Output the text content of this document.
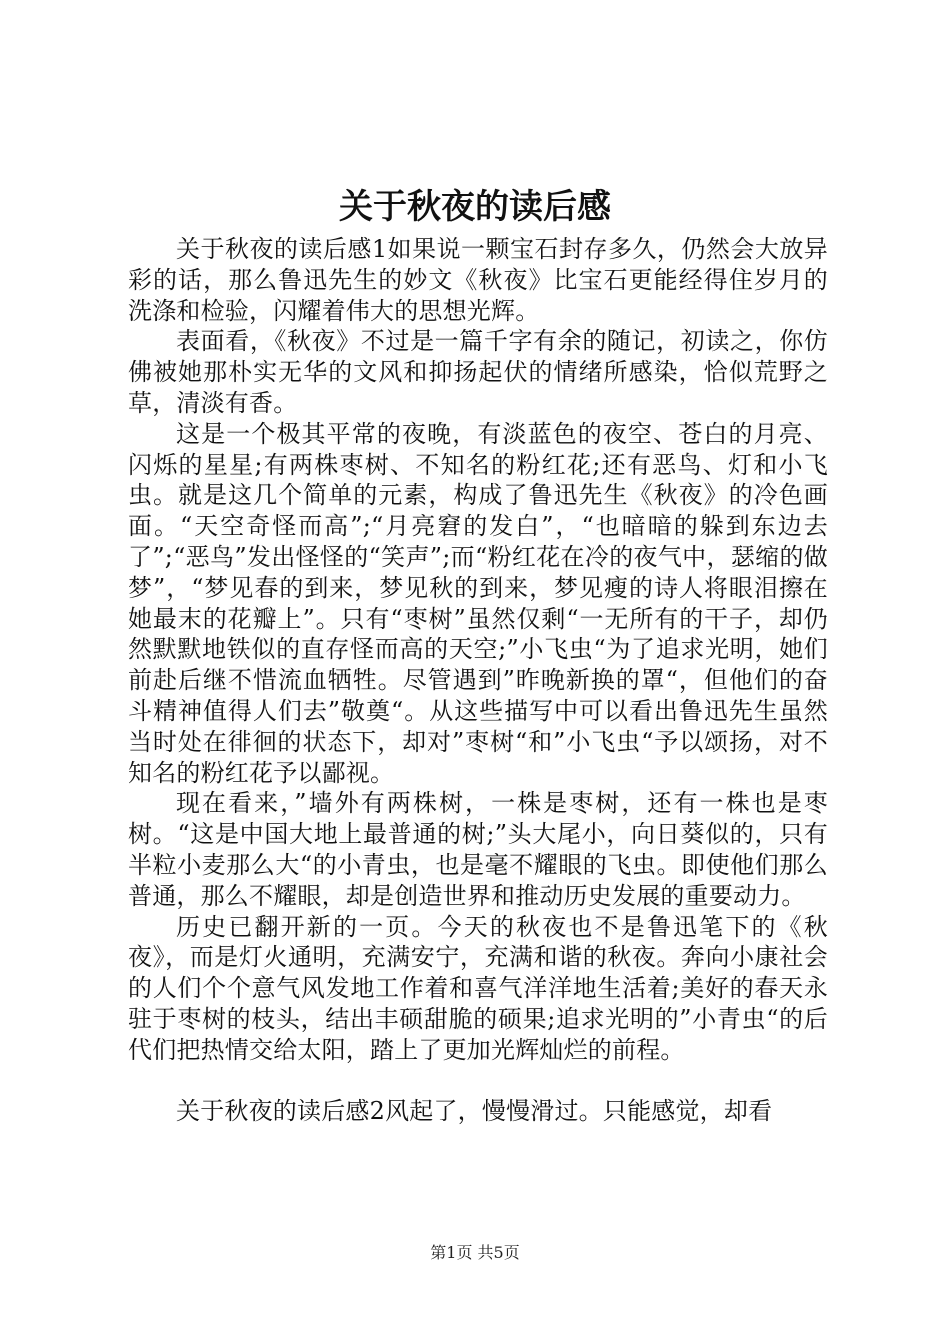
关于秋夜的读后感

关于秋夜的读后感1如果说一颗宝石封存多久，仍然会大放异彩的话，那么鲁迅先生的妙文《秋夜》比宝石更能经得住岁月的洗涤和检验，闪耀着伟大的思想光辉。

表面看，《秋夜》不过是一篇千字有余的随记，初读之，你仿佛被她那朴实无华的文风和抑扬起伏的情绪所感染，恰似荒野之草，清淡有香。

这是一个极其平常的夜晚，有淡蓝色的夜空、苍白的月亮、闪烁的星星;有两株枣树、不知名的粉红花;还有恶鸟、灯和小飞虫。就是这几个简单的元素，构成了鲁迅先生《秋夜》的冷色画面。“天空奇怪而高”;“月亮窘的发白”，“也暗暗的躲到东边去了”;“恶鸟”发出怪怪的“笑声”;而“粉红花在冷的夜气中，瑟缩的做梦”，“梦见春的到来，梦见秋的到来，梦见瘦的诗人将眼泪擦在她最末的花瓣上”。只有“枣树”虽然仅剩“一无所有的干子，却仍然默默地铁似的直存怪而高的天空;”小飞虫“为了追求光明，她们前赴后继不惜流血牺牲。尽管遇到”昨晚新换的罩“，但他们的奋斗精神值得人们去”敬奠“。从这些描写中可以看出鲁迅先生虽然当时处在徘徊的状态下，却对”枣树“和”小飞虫“予以颂扬，对不知名的粉红花予以鄙视。

现在看来，”墙外有两株树，一株是枣树，还有一株也是枣树。“这是中国大地上最普通的树;”头大尾小，向日葵似的，只有半粒小麦那么大“的小青虫，也是毫不耀眼的飞虫。即使他们那么普通，那么不耀眼，却是创造世界和推动历史发展的重要动力。

历史已翻开新的一页。今天的秋夜也不是鲁迅笔下的《秋夜》，而是灯火通明，充满安宁，充满和谐的秋夜。奔向小康社会的人们个个意气风发地工作着和喜气洋洋地生活着;美好的春天永驻于枣树的枝头，结出丰硕甜脆的硕果;追求光明的”小青虫“的后代们把热情交给太阳，踏上了更加光辉灿烂的前程。

关于秋夜的读后感2风起了，慢慢滑过。只能感觉，却看

第1页 共5页
